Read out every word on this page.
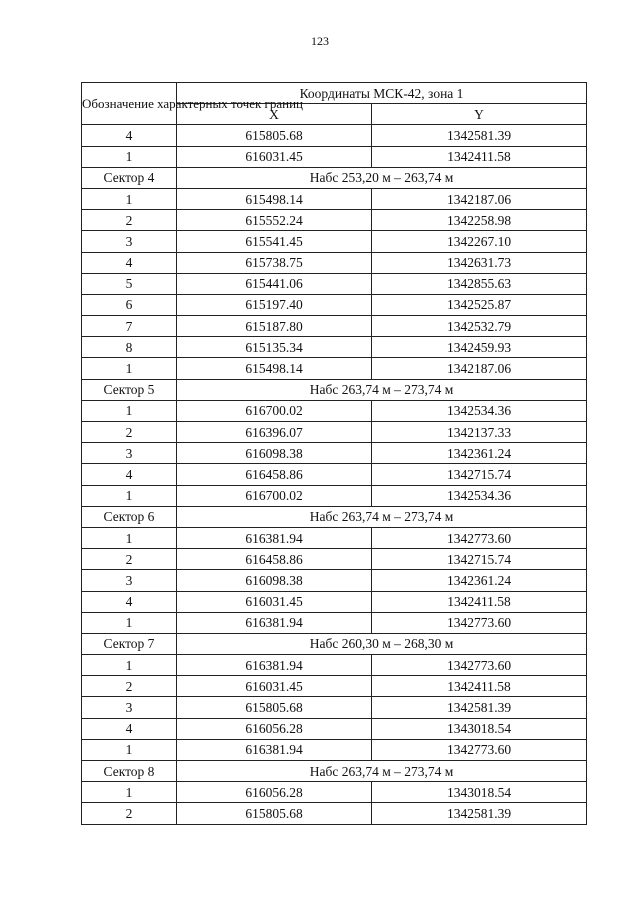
123
Обозначение характерных точек границ	Координаты МСК-42, зона 1	
	X	Y
4	615805.68	1342581.39
1	616031.45	1342411.58
Сектор 4	Набс 253,20 м – 263,74 м	
1	615498.14	1342187.06
2	615552.24	1342258.98
3	615541.45	1342267.10
4	615738.75	1342631.73
5	615441.06	1342855.63
6	615197.40	1342525.87
7	615187.80	1342532.79
8	615135.34	1342459.93
1	615498.14	1342187.06
Сектор 5	Набс 263,74 м – 273,74 м	
1	616700.02	1342534.36
2	616396.07	1342137.33
3	616098.38	1342361.24
4	616458.86	1342715.74
1	616700.02	1342534.36
Сектор 6	Набс 263,74 м – 273,74 м	
1	616381.94	1342773.60
2	616458.86	1342715.74
3	616098.38	1342361.24
4	616031.45	1342411.58
1	616381.94	1342773.60
Сектор 7	Набс 260,30 м – 268,30 м	
1	616381.94	1342773.60
2	616031.45	1342411.58
3	615805.68	1342581.39
4	616056.28	1343018.54
1	616381.94	1342773.60
Сектор 8	Набс 263,74 м – 273,74 м	
1	616056.28	1343018.54
2	615805.68	1342581.39
